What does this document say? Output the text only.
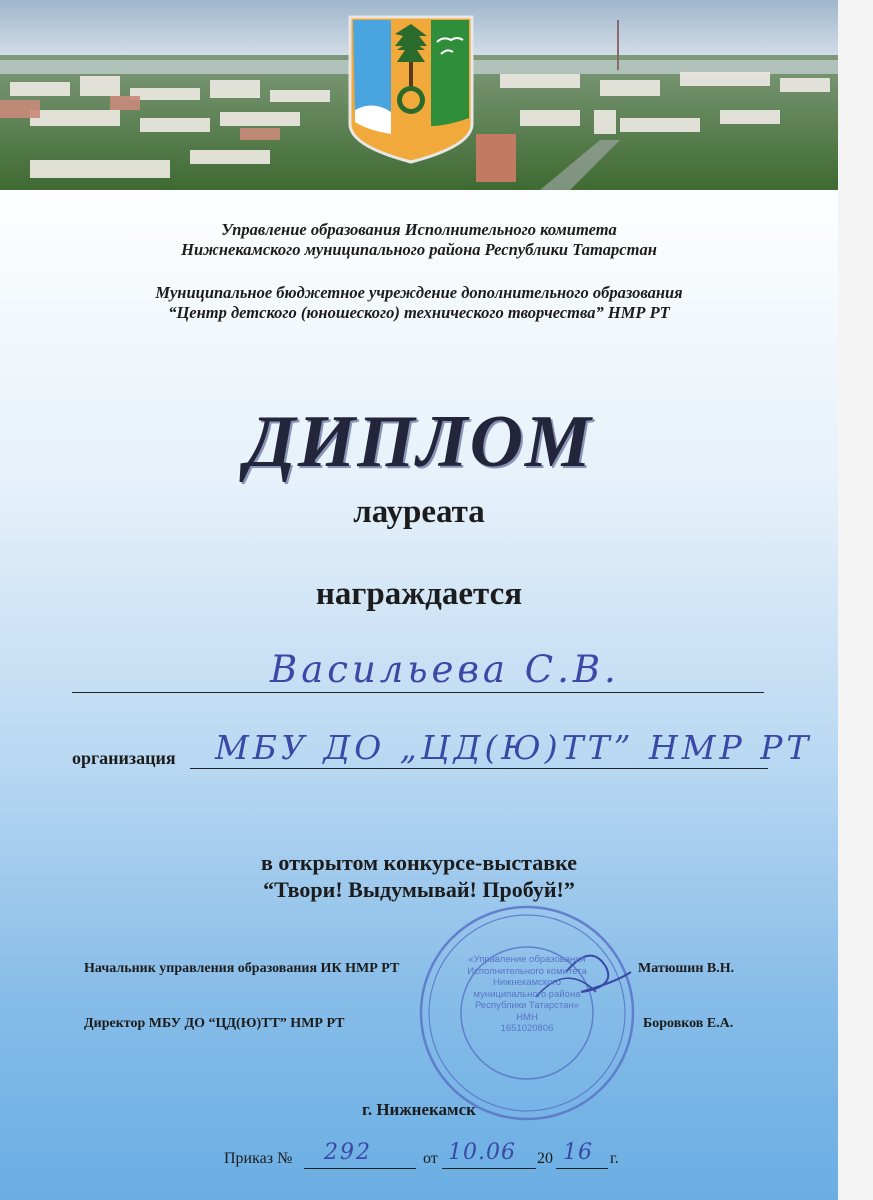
Управление образования Исполнительного комитета
Нижнекамского муниципального района Республики Татарстан
Муниципальное бюджетное учреждение дополнительного образования
“Центр детского (юношеского) технического творчества” НМР РТ
ДИПЛОМ
лауреата
награждается
Васильева С.В.
организация МБУ ДО „ЦД(Ю)ТТ” НМР РТ
в открытом конкурсе-выставке
“Твори! Выдумывай! Пробуй!”
«Управление образования
Исполнительного комитета
Нижнекамского
муниципального района
Республики Татарстан»
НМН
1651020806
Начальник управления образования ИК НМР РТ	Матюшин В.Н.
Директор МБУ ДО “ЦД(Ю)ТТ” НМР РТ	Боровков Е.А.
г. Нижнекамск
Приказ № 292	от 10.06 20 16 г.
